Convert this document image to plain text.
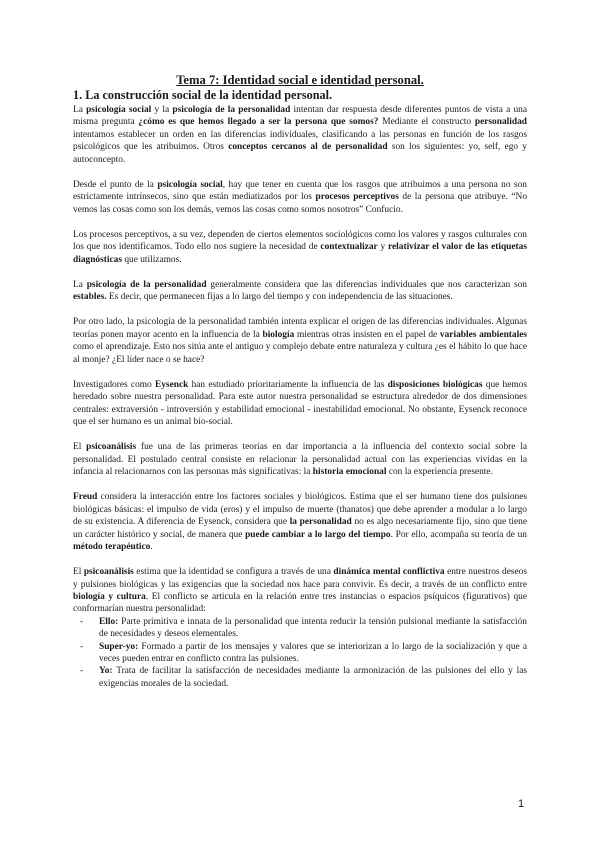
Tema 7: Identidad social e identidad personal.
1. La construcción social de la identidad personal.

La psicología social y la psicología de la personalidad intentan dar respuesta desde diferentes puntos de vista a una misma pregunta ¿cómo es que hemos llegado a ser la persona que somos? Mediante el constructo personalidad intentamos establecer un orden en las diferencias individuales, clasificando a las personas en función de los rasgos psicológicos que les atribuimos. Otros conceptos cercanos al de personalidad son los siguientes: yo, self, ego y autoconcepto.

Desde el punto de la psicología social, hay que tener en cuenta que los rasgos que atribuimos a una persona no son estrictamente intrínsecos, sino que están mediatizados por los procesos perceptivos de la persona que atribuye. “No vemos las cosas como son los demás, vemos las cosas como somos nosotros” Confucio.

Los procesos perceptivos, a su vez, dependen de ciertos elementos sociológicos como los valores y rasgos culturales con los que nos identificamos. Todo ello nos sugiere la necesidad de contextualizar y relativizar el valor de las etiquetas diagnósticas que utilizamos.

La psicología de la personalidad generalmente considera que las diferencias individuales que nos caracterizan son estables. Es decir, que permanecen fijas a lo largo del tiempo y con independencia de las situaciones.

Por otro lado, la psicología de la personalidad también intenta explicar el origen de las diferencias individuales. Algunas teorías ponen mayor acento en la influencia de la biología mientras otras insisten en el papel de variables ambientales como el aprendizaje. Esto nos sitúa ante el antiguo y complejo debate entre naturaleza y cultura ¿es el hábito lo que hace al monje? ¿El líder nace o se hace?

Investigadores como Eysenck han estudiado prioritariamente la influencia de las disposiciones biológicas que hemos heredado sobre nuestra personalidad. Para este autor nuestra personalidad se estructura alrededor de dos dimensiones centrales: extraversión - introversión y estabilidad emocional - inestabilidad emocional. No obstante, Eysenck reconoce que el ser humano es un animal bio-social.

El psicoanálisis fue una de las primeras teorías en dar importancia a la influencia del contexto social sobre la personalidad. El postulado central consiste en relacionar la personalidad actual con las experiencias vividas en la infancia al relacionarnos con las personas más significativas: la historia emocional con la experiencia presente.

Freud considera la interacción entre los factores sociales y biológicos. Estima que el ser humano tiene dos pulsiones biológicas básicas: el impulso de vida (eros) y el impulso de muerte (thanatos) que debe aprender a modular a lo largo de su existencia. A diferencia de Eysenck, considera que la personalidad no es algo necesariamente fijo, sino que tiene un carácter histórico y social, de manera que puede cambiar a lo largo del tiempo. Por ello, acompaña su teoría de un método terapéutico.

El psicoanálisis estima que la identidad se configura a través de una dinámica mental conflictiva entre nuestros deseos y pulsiones biológicas y las exigencias que la sociedad nos hace para convivir. Es decir, a través de un conflicto entre biología y cultura. El conflicto se articula en la relación entre tres instancias o espacios psíquicos (figurativos) que conformarían nuestra personalidad:

- Ello: Parte primitiva e innata de la personalidad que intenta reducir la tensión pulsional mediante la satisfacción de necesidades y deseos elementales.
- Super-yo: Formado a partir de los mensajes y valores que se interiorizan a lo largo de la socialización y que a veces pueden entrar en conflicto contra las pulsiones.
- Yo: Trata de facilitar la satisfacción de necesidades mediante la armonización de las pulsiones del ello y las exigencias morales de la sociedad.
1
